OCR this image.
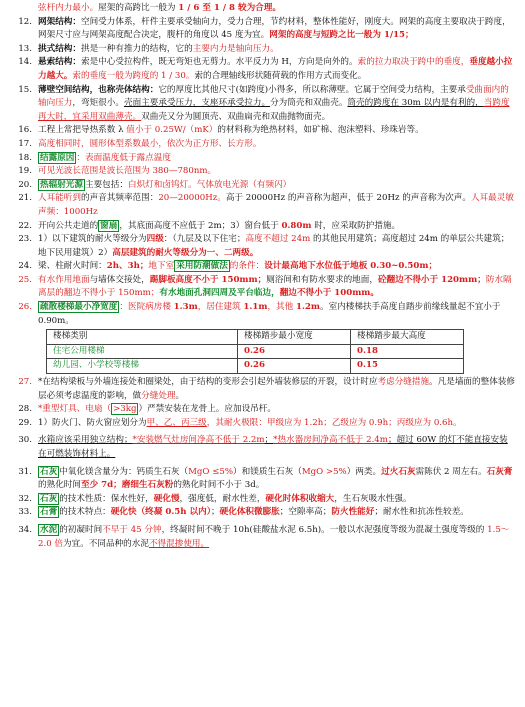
弦杆内力最小。屋架的高跨比一般为 1 / 6 至 1 / 8 较为合理。
12. 网架结构：空间受力体系，杆件主要承受轴向力，受力合理，节约材料，整体性能好，刚度大。网架的高度主要取决于跨度，网架尺寸应与网架高度配合决定，腹杆的角度以 45 度为宜。网架的高度与短跨之比一般为 1/15；
13. 拱式结构：拱是一种有推力的结构，它的主要内力是轴向压力。
14. 悬索结构：索是中心受拉构件，既无弯矩也无剪力。水平反力为 H，方向是向外的。索的拉力取决于跨中的垂度，垂度越小拉力越大。索的垂度一般为跨度的 1 / 30。索的合理轴线形状随荷载的作用方式而变化。
15. 薄壁空间结构，也称壳体结构：它的厚度比其他尺寸(如跨度)小得多，所以称薄壁。它属于空间受力结构，主要承受曲面内的轴向压力，弯矩很小。壳面主要承受压力，支座环承受拉力。分为筒壳和双曲壳。筒壳的跨度在 30m 以内是有利的，当跨度再大时，宜采用双曲薄壳。双曲壳又分为圆顶壳、双曲扁壳和双曲抛物面壳。
16. 工程上常把导热系数 λ 值小于 0.25W/（mK）的材料称为绝热材料，如矿棉、泡沫塑料、珍珠岩等。
17. 高度相同时，圆形体型系数最小，依次为正方形、长方形。
18. 结露原因 ：表面温度低于露点温度
19. 可见光波长范围是波长范围为 380—780nm。
20. 热辐射光源 主要包括：白炽灯和卤钨灯。气体放电光源（有频闪）
21. 人耳能听到的声音其频率范围：20—20000Hz。高于 20000Hz 的声音称为超声，低于 20Hz 的声音称为次声。人耳最灵敏声频：1000Hz
22. 开向公共走道的 窗扇 ，其底面高度不应低于 2m；3）窗台低于 0.80m 时，应采取防护措施。
23. 1）以下建筑的耐火等级分为四级：（九层及以下住宅；高度不超过 24m 的其他民用建筑；高度超过 24m 的单层公共建筑；地下民用建筑）2）高层建筑的耐火等级分为一、二两级。
24. 梁、柱耐火时间：2h、3h；地下室 采用防潮做法 的条件：设计最高地下水位低于地板 0.30~0.50m；
25. 有水作用地面与墙体交接处，踢脚板高度不小于 150mm；厕浴间和有防水要求的地面，砼翻边不得小于 120mm；防水隔离层的翻边不得小于 150mm；有水地面孔洞四周及平台临边，翻边不得小于 100mm。
26. 疏散楼梯最小净宽度 ：医院病房楼 1.3m，居住建筑 1.1m，其他 1.2m。室内楼梯扶手高度自踏步前缘线量起不宜小于 0.90m。
楼梯类别	楼梯踏步最小宽度	楼梯踏步最大高度
住宅公用楼梯	0.26	0.18
幼儿园、小学校等楼梯	0.26	0.15
27. *在结构梁板与外墙连接处和圈梁处，由于结构的变形会引起外墙装修层的开裂，设计时应考虑分缝措施。凡是墙面的整体装修层必须考虑温度的影响，做分缝处理。
28. *重型灯具、电扇（ >3kg ）严禁安装在龙骨上。应加设吊杆。
29. 1）防火门、防火窗应划分为甲、乙、丙三级，其耐火极限：甲级应为 1.2h；乙级应为 0.9h；丙级应为 0.6h。
30. 水箱应该采用独立结构；*安装燃气灶房间净高不低于 2.2m；*热水器房间净高不低于 2.4m；超过 60W 的灯不能直接安装在可燃装饰材料上。
31. 石灰 中氧化镁含量分为：钙质生石灰（MgO ≤5%）和镁质生石灰（MgO >5%）两类。过火石灰需陈伏 2 周左右。石灰膏的熟化时间至少 7d；磨细生石灰粉的熟化时间不小于 3d。
32. 石灰 的技术性质：保水性好，硬化慢，强度低，耐水性差，硬化时体积收缩大，生石灰吸水性强。
33. 石膏 的技术特点：硬化快（终凝 0.5h 以内）；硬化体积微膨胀；空隙率高；防火性能好；耐水性和抗冻性较差。
34. 水泥 的初凝时间不早于 45 分钟，终凝时间不晚于 10h(硅酸盐水泥 6.5h)。一般以水泥强度等级为混凝土强度等级的 1.5～2.0 倍为宜。不同品种的水泥不得混掺使用。
